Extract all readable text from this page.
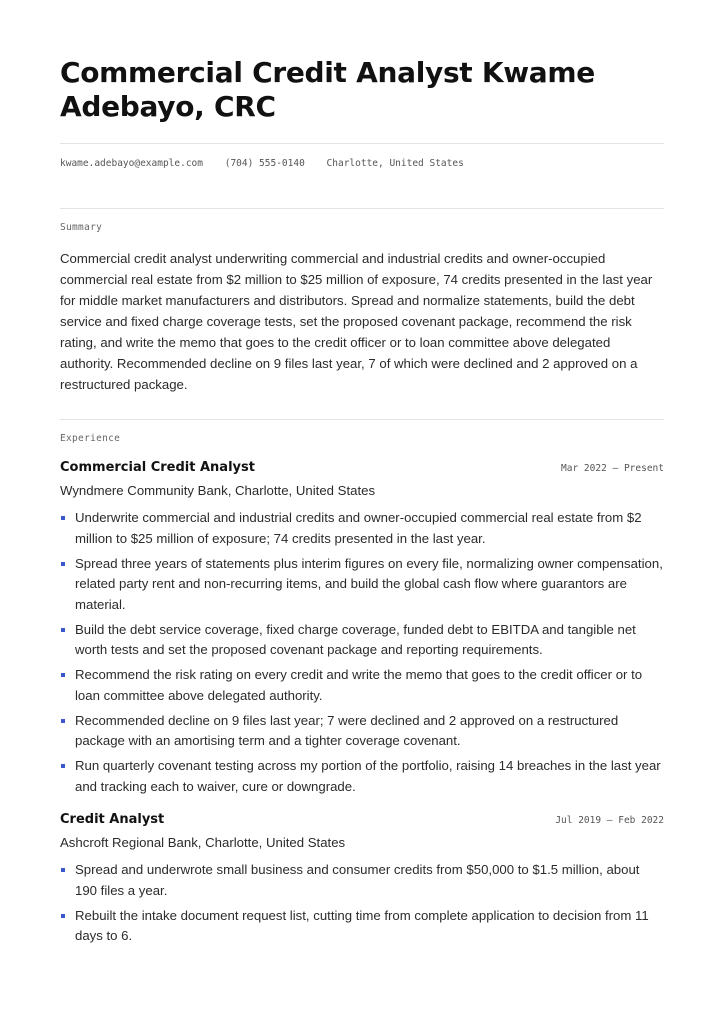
Commercial Credit Analyst Kwame Adebayo, CRC
kwame.adebayo@example.com (704) 555-0140 Charlotte, United States
Summary

Commercial credit analyst underwriting commercial and industrial credits and owner-occupied commercial real estate from $2 million to $25 million of exposure, 74 credits presented in the last year for middle market manufacturers and distributors. Spread and normalize statements, build the debt service and fixed charge coverage tests, set the proposed covenant package, recommend the risk rating, and write the memo that goes to the credit officer or to loan committee above delegated authority. Recommended decline on 9 files last year, 7 of which were declined and 2 approved on a restructured package.

Experience
Commercial Credit Analyst	Mar 2022 — Present
Wyndmere Community Bank, Charlotte, United States
Underwrite commercial and industrial credits and owner-occupied commercial real estate from $2 million to $25 million of exposure; 74 credits presented in the last year.
Spread three years of statements plus interim figures on every file, normalizing owner compensation, related party rent and non-recurring items, and build the global cash flow where guarantors are material.
Build the debt service coverage, fixed charge coverage, funded debt to EBITDA and tangible net worth tests and set the proposed covenant package and reporting requirements.
Recommend the risk rating on every credit and write the memo that goes to the credit officer or to loan committee above delegated authority.
Recommended decline on 9 files last year; 7 were declined and 2 approved on a restructured package with an amortising term and a tighter coverage covenant.
Run quarterly covenant testing across my portion of the portfolio, raising 14 breaches in the last year and tracking each to waiver, cure or downgrade.
Credit Analyst	Jul 2019 — Feb 2022
Ashcroft Regional Bank, Charlotte, United States
Spread and underwrote small business and consumer credits from $50,000 to $1.5 million, about 190 files a year.
Rebuilt the intake document request list, cutting time from complete application to decision from 11 days to 6.
